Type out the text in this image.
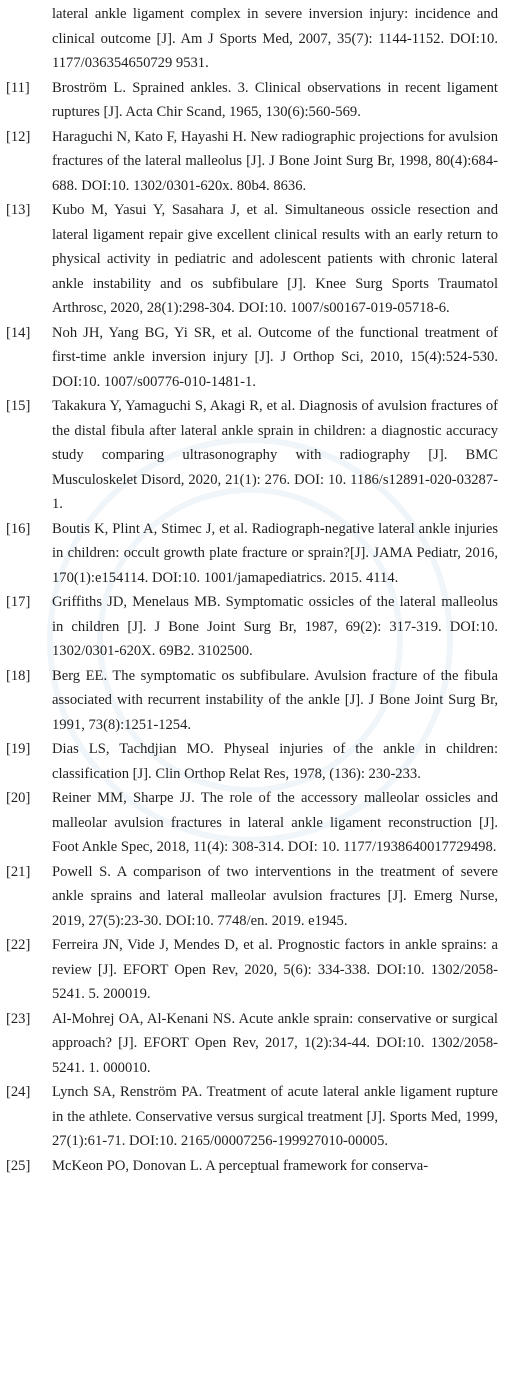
lateral ankle ligament complex in severe inversion injury: incidence and clinical outcome [J]. Am J Sports Med, 2007, 35(7): 1144-1152. DOI:10. 1177/036354650729 9531.
[11] Broström L. Sprained ankles. 3. Clinical observations in recent ligament ruptures [J]. Acta Chir Scand, 1965, 130(6):560-569.
[12] Haraguchi N, Kato F, Hayashi H. New radiographic projections for avulsion fractures of the lateral malleolus [J]. J Bone Joint Surg Br, 1998, 80(4):684-688. DOI:10. 1302/0301-620x. 80b4. 8636.
[13] Kubo M, Yasui Y, Sasahara J, et al. Simultaneous ossicle resection and lateral ligament repair give excellent clinical results with an early return to physical activity in pediatric and adolescent patients with chronic lateral ankle instability and os subfibulare [J]. Knee Surg Sports Traumatol Arthrosc, 2020, 28(1):298-304. DOI:10. 1007/s00167-019-05718-6.
[14] Noh JH, Yang BG, Yi SR, et al. Outcome of the functional treatment of first-time ankle inversion injury [J]. J Orthop Sci, 2010, 15(4):524-530. DOI:10. 1007/s00776-010-1481-1.
[15] Takakura Y, Yamaguchi S, Akagi R, et al. Diagnosis of avulsion fractures of the distal fibula after lateral ankle sprain in children: a diagnostic accuracy study comparing ultrasonography with radiography [J]. BMC Musculoskelet Disord, 2020, 21(1): 276. DOI: 10. 1186/s12891-020-03287-1.
[16] Boutis K, Plint A, Stimec J, et al. Radiograph-negative lateral ankle injuries in children: occult growth plate fracture or sprain?[J]. JAMA Pediatr, 2016, 170(1):e154114. DOI:10. 1001/jamapediatrics. 2015. 4114.
[17] Griffiths JD, Menelaus MB. Symptomatic ossicles of the lateral malleolus in children [J]. J Bone Joint Surg Br, 1987, 69(2): 317-319. DOI:10. 1302/0301-620X. 69B2. 3102500.
[18] Berg EE. The symptomatic os subfibulare. Avulsion fracture of the fibula associated with recurrent instability of the ankle [J]. J Bone Joint Surg Br, 1991, 73(8):1251-1254.
[19] Dias LS, Tachdjian MO. Physeal injuries of the ankle in children: classification [J]. Clin Orthop Relat Res, 1978, (136): 230-233.
[20] Reiner MM, Sharpe JJ. The role of the accessory malleolar ossicles and malleolar avulsion fractures in lateral ankle ligament reconstruction [J]. Foot Ankle Spec, 2018, 11(4): 308-314. DOI: 10. 1177/1938640017729498.
[21] Powell S. A comparison of two interventions in the treatment of severe ankle sprains and lateral malleolar avulsion fractures [J]. Emerg Nurse, 2019, 27(5):23-30. DOI:10. 7748/en. 2019. e1945.
[22] Ferreira JN, Vide J, Mendes D, et al. Prognostic factors in ankle sprains: a review [J]. EFORT Open Rev, 2020, 5(6): 334-338. DOI:10. 1302/2058-5241. 5. 200019.
[23] Al-Mohrej OA, Al-Kenani NS. Acute ankle sprain: conservative or surgical approach? [J]. EFORT Open Rev, 2017, 1(2):34-44. DOI:10. 1302/2058-5241. 1. 000010.
[24] Lynch SA, Renström PA. Treatment of acute lateral ankle ligament rupture in the athlete. Conservative versus surgical treatment [J]. Sports Med, 1999, 27(1):61-71. DOI:10. 2165/00007256-199927010-00005.
[25] McKeon PO, Donovan L. A perceptual framework for conserva-
